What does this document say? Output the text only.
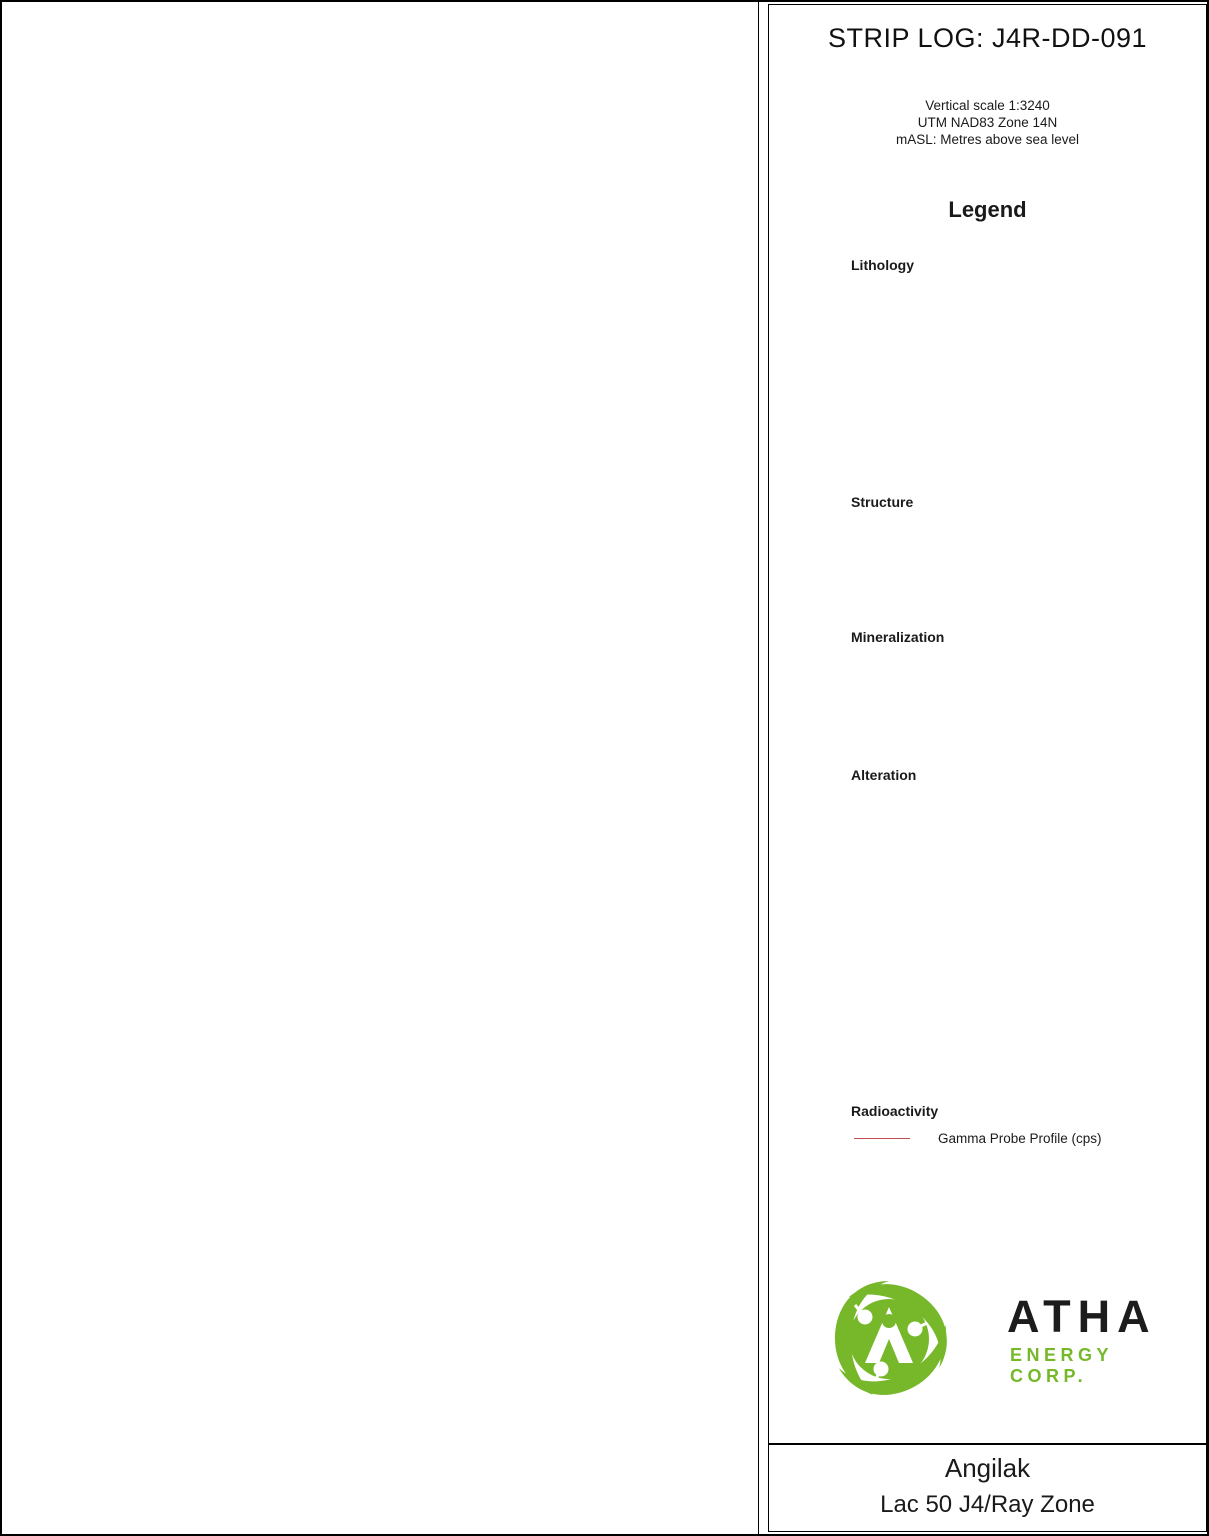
STRIP LOG: J4R-DD-091
Vertical scale 1:3240
UTM NAD83 Zone 14N
mASL: Metres above sea level
Legend
Lithology
Structure
Mineralization
Alteration
Radioactivity
Gamma Probe Profile (cps)
ATHA
ENERGY CORP.
Angilak
Lac 50 J4/Ray Zone
